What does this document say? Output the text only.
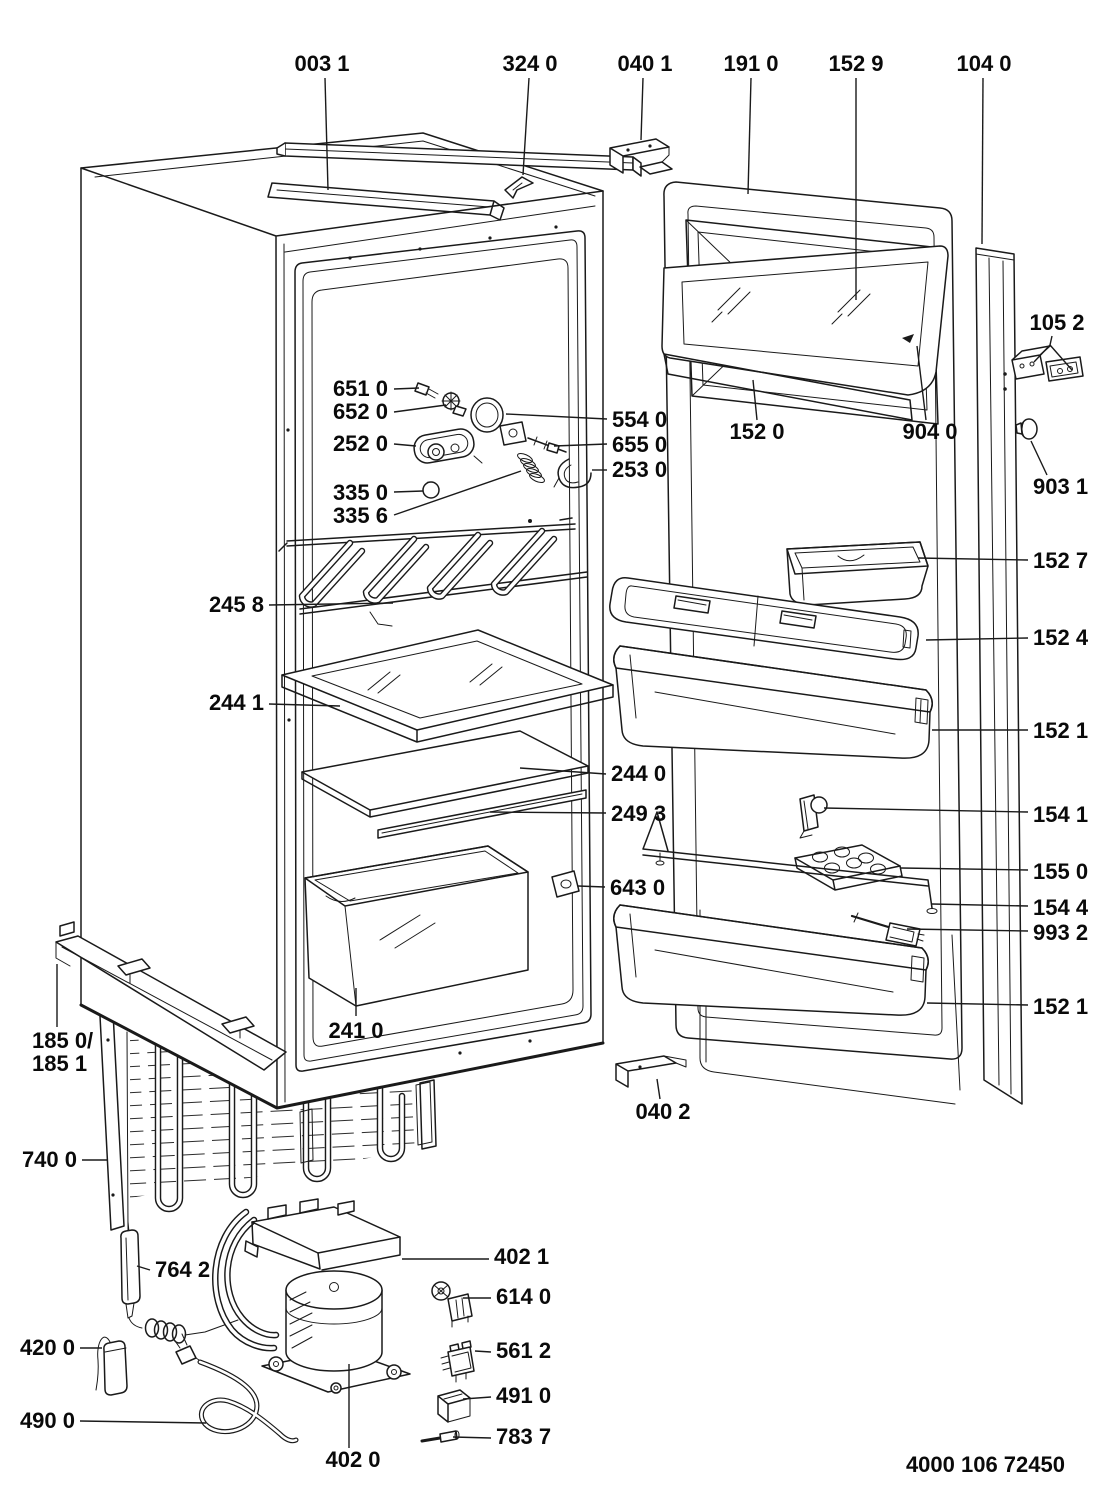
003 1	324 0	040 1 191 0 152 9	104 0
105 2
903 1
651 0
652 0
252 0
335 0
335 6
554 0
655 0
253 0
152 0	904 0
152 7
245 8
152 4
244 1
152 1
244 0
249 3	154 1
155 0
643 0
154 4
993 2
241 0
152 1
185 0/
185 1
040 2
740 0
402 1
764 2
614 0
420 0	561 2
491 0
490 0
783 7
402 0	4000 106 72450
